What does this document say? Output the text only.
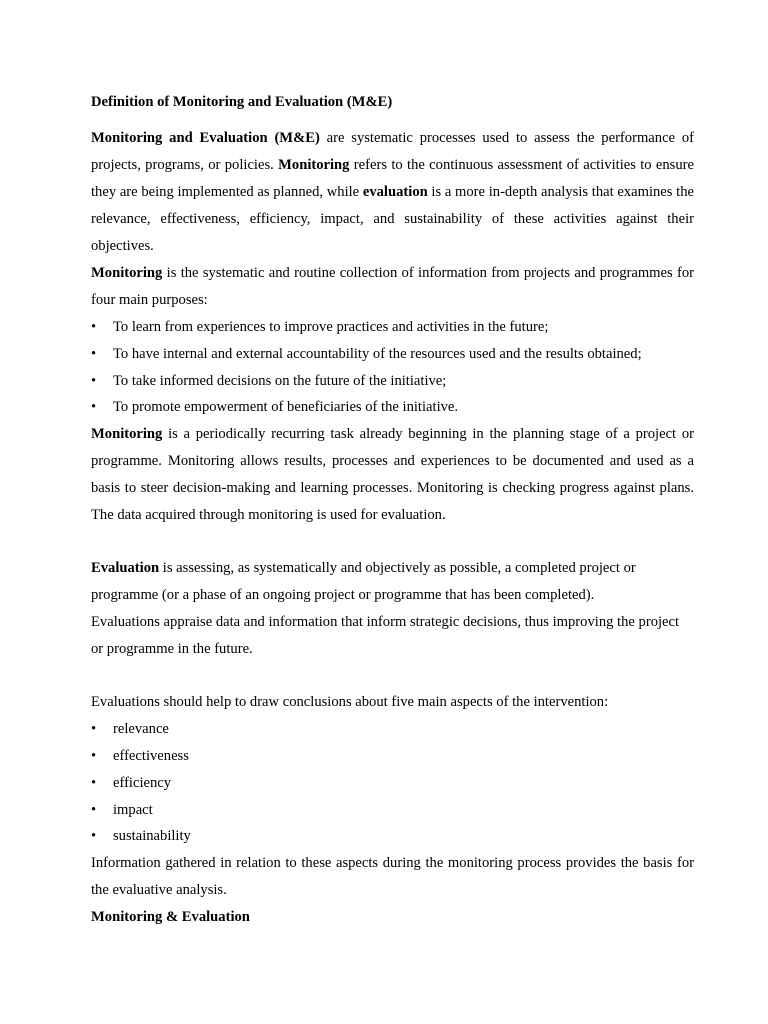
Definition of Monitoring and Evaluation (M&E)

Monitoring and Evaluation (M&E) are systematic processes used to assess the performance of projects, programs, or policies. Monitoring refers to the continuous assessment of activities to ensure they are being implemented as planned, while evaluation is a more in-depth analysis that examines the relevance, effectiveness, efficiency, impact, and sustainability of these activities against their objectives.

Monitoring is the systematic and routine collection of information from projects and programmes for four main purposes:

•	To learn from experiences to improve practices and activities in the future;
•	To have internal and external accountability of the resources used and the results obtained;
•	To take informed decisions on the future of the initiative;
•	To promote empowerment of beneficiaries of the initiative.

Monitoring is a periodically recurring task already beginning in the planning stage of a project or programme. Monitoring allows results, processes and experiences to be documented and used as a basis to steer decision-making and learning processes. Monitoring is checking progress against plans. The data acquired through monitoring is used for evaluation.

Evaluation is assessing, as systematically and objectively as possible, a completed project or programme (or a phase of an ongoing project or programme that has been completed).

Evaluations appraise data and information that inform strategic decisions, thus improving the project or programme in the future.

Evaluations should help to draw conclusions about five main aspects of the intervention:

•	relevance
•	effectiveness
•	efficiency
•	impact
•	sustainability

Information gathered in relation to these aspects during the monitoring process provides the basis for the evaluative analysis.

Monitoring & Evaluation
